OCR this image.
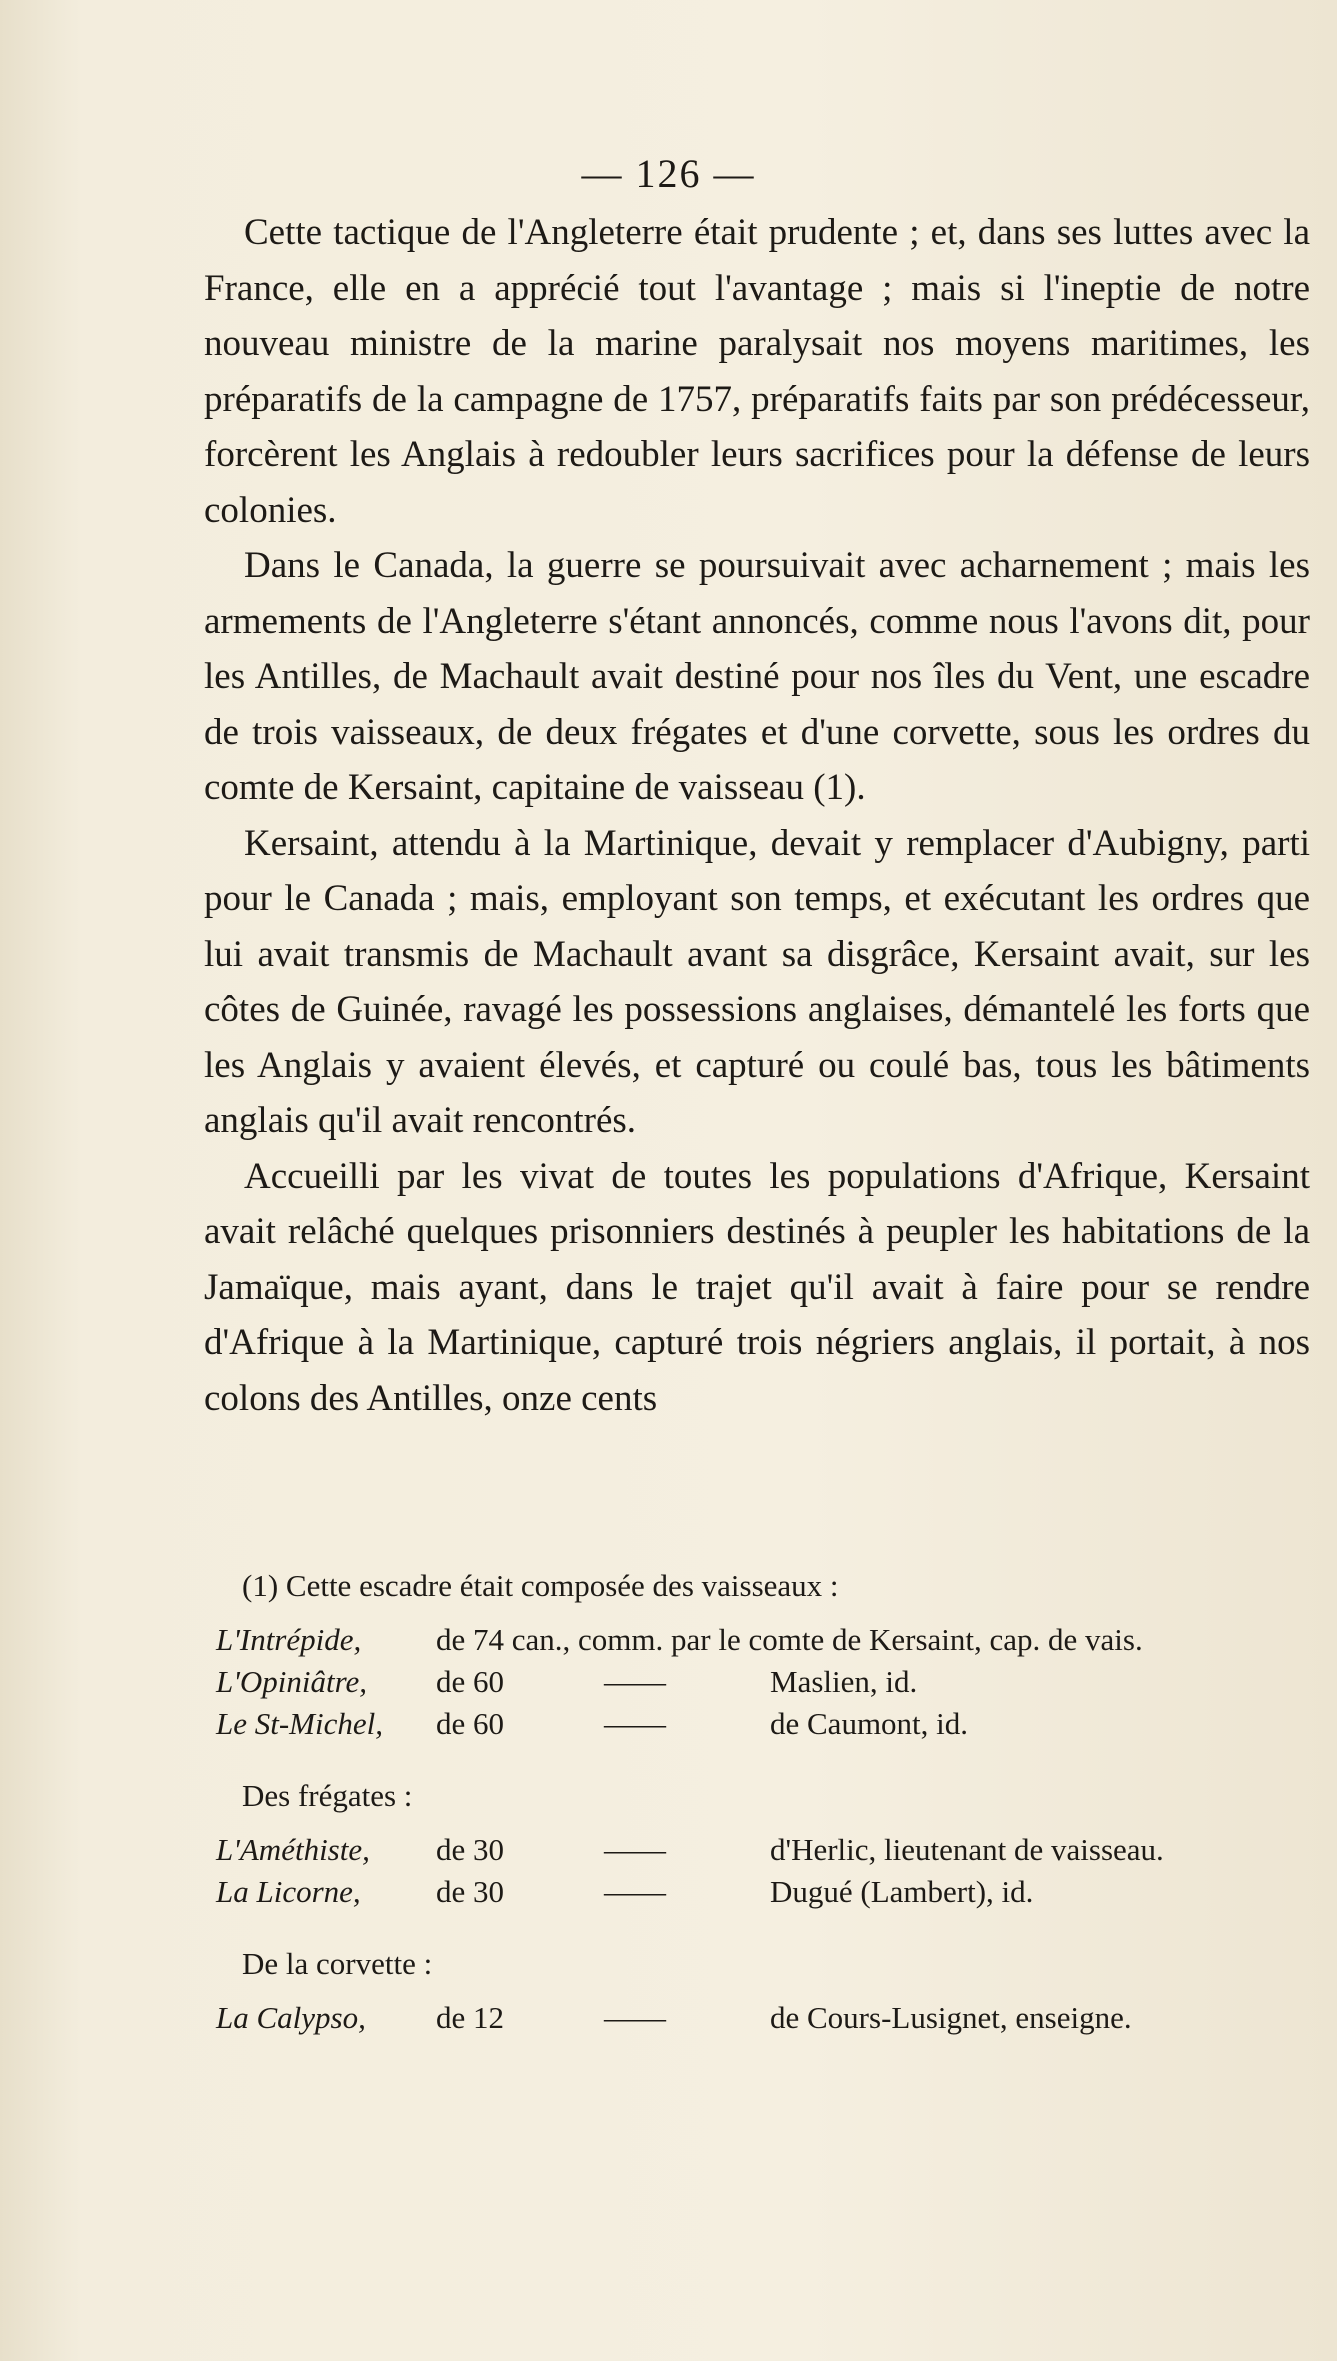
— 126 —

Cette tactique de l'Angleterre était prudente ; et, dans ses luttes avec la France, elle en a apprécié tout l'avantage ; mais si l'ineptie de notre nouveau ministre de la marine paralysait nos moyens maritimes, les préparatifs de la campagne de 1757, préparatifs faits par son prédécesseur, forcèrent les Anglais à redoubler leurs sacrifices pour la défense de leurs colonies.

Dans le Canada, la guerre se poursuivait avec acharnement ; mais les armements de l'Angleterre s'étant annoncés, comme nous l'avons dit, pour les Antilles, de Machault avait destiné pour nos îles du Vent, une escadre de trois vaisseaux, de deux frégates et d'une corvette, sous les ordres du comte de Kersaint, capitaine de vaisseau (1).

Kersaint, attendu à la Martinique, devait y remplacer d'Aubigny, parti pour le Canada ; mais, employant son temps, et exécutant les ordres que lui avait transmis de Machault avant sa disgrâce, Kersaint avait, sur les côtes de Guinée, ravagé les possessions anglaises, démantelé les forts que les Anglais y avaient élevés, et capturé ou coulé bas, tous les bâtiments anglais qu'il avait rencontrés.

Accueilli par les vivat de toutes les populations d'Afrique, Kersaint avait relâché quelques prisonniers destinés à peupler les habitations de la Jamaïque, mais ayant, dans le trajet qu'il avait à faire pour se rendre d'Afrique à la Martinique, capturé trois négriers anglais, il portait, à nos colons des Antilles, onze cents

(1) Cette escadre était composée des vaisseaux :

L'Intrépide,	de 74 can., comm. par le comte de Kersaint, cap. de vais.
L'Opiniâtre,	de 60	——	Maslien, id.
Le St-Michel,	de 60	——	de Caumont, id.

Des frégates :

L'Améthiste,	de 30	——	d'Herlic, lieutenant de vaisseau.
La Licorne,	de 30	——	Dugué (Lambert), id.

De la corvette :

La Calypso,	de 12	——	de Cours-Lusignet, enseigne.
